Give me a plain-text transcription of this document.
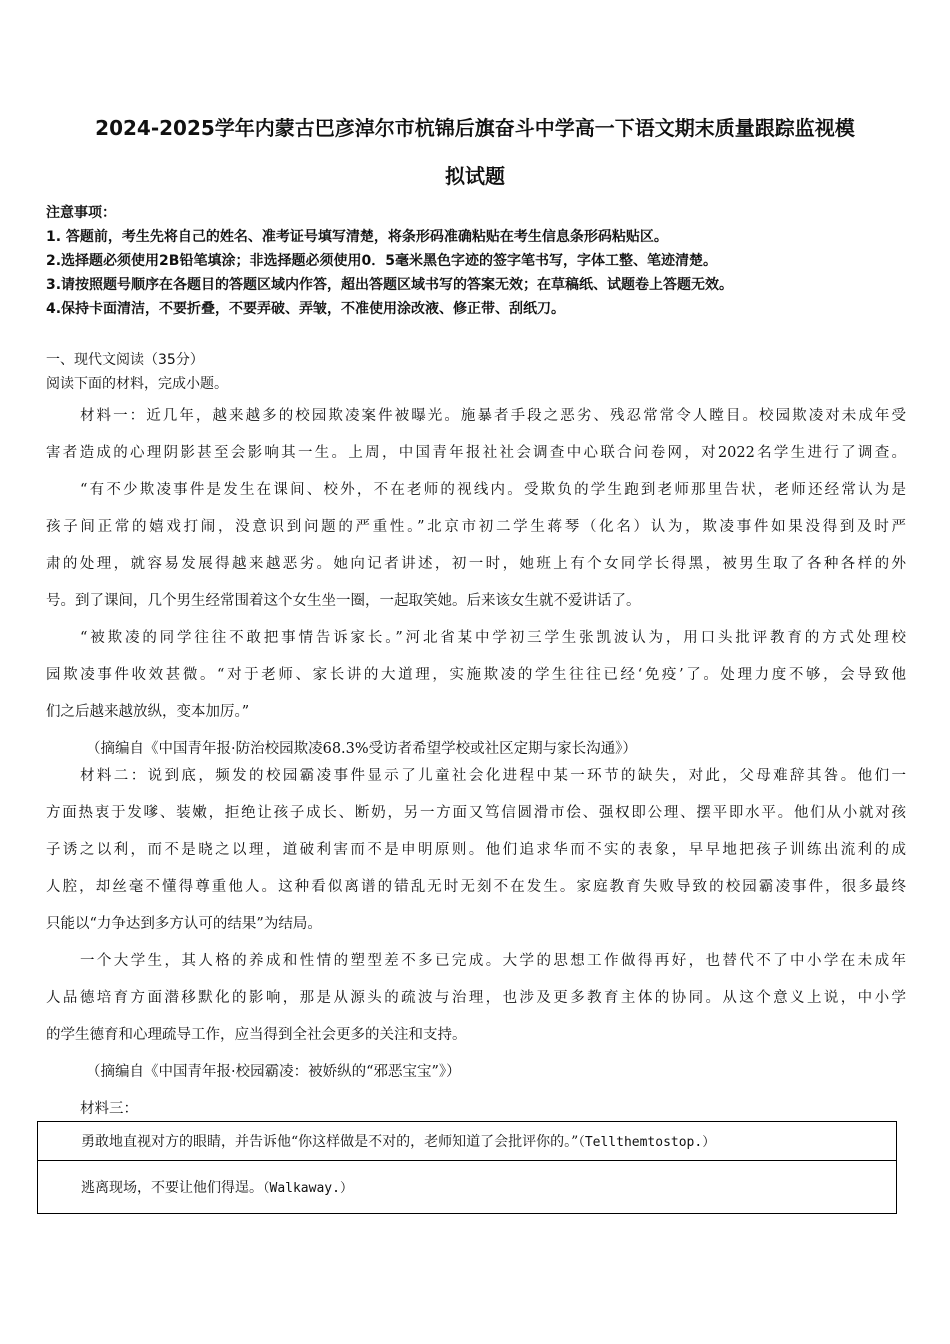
2024-2025学年内蒙古巴彦淖尔市杭锦后旗奋斗中学高一下语文期末质量跟踪监视模
拟试题
注意事项：
1. 答题前，考生先将自己的姓名、准考证号填写清楚，将条形码准确粘贴在考生信息条形码粘贴区。
2.选择题必须使用2B铅笔填涂；非选择题必须使用0．5毫米黑色字迹的签字笔书写，字体工整、笔迹清楚。
3.请按照题号顺序在各题目的答题区域内作答，超出答题区域书写的答案无效；在草稿纸、试题卷上答题无效。
4.保持卡面清洁，不要折叠，不要弄破、弄皱，不准使用涂改液、修正带、刮纸刀。
一、现代文阅读（35分）
阅读下面的材料，完成小题。
材料一：近几年，越来越多的校园欺凌案件被曝光。施暴者手段之恶劣、残忍常常令人瞠目。校园欺凌对未成年受
害者造成的心理阴影甚至会影响其一生。上周，中国青年报社社会调查中心联合问卷网，对2022名学生进行了调查。
“有不少欺凌事件是发生在课间、校外，不在老师的视线内。受欺负的学生跑到老师那里告状，老师还经常认为是
孩子间正常的嬉戏打闹，没意识到问题的严重性。”北京市初二学生蒋琴（化名）认为，欺凌事件如果没得到及时严
肃的处理，就容易发展得越来越恶劣。她向记者讲述，初一时，她班上有个女同学长得黑，被男生取了各种各样的外
号。到了课间，几个男生经常围着这个女生坐一圈，一起取笑她。后来该女生就不爱讲话了。
“被欺凌的同学往往不敢把事情告诉家长。”河北省某中学初三学生张凯波认为，用口头批评教育的方式处理校
园欺凌事件收效甚微。“对于老师、家长讲的大道理，实施欺凌的学生往往已经‘免疫’了。处理力度不够，会导致他
们之后越来越放纵，变本加厉。”
（摘编自《中国青年报·防治校园欺凌68.3%受访者希望学校或社区定期与家长沟通》）
材料二：说到底，频发的校园霸凌事件显示了儿童社会化进程中某一环节的缺失，对此，父母难辞其咎。他们一
方面热衷于发嗲、装嫩，拒绝让孩子成长、断奶，另一方面又笃信圆滑市侩、强权即公理、摆平即水平。他们从小就对孩
子诱之以利，而不是晓之以理，道破利害而不是申明原则。他们追求华而不实的表象，早早地把孩子训练出流利的成
人腔，却丝毫不懂得尊重他人。这种看似离谱的错乱无时无刻不在发生。家庭教育失败导致的校园霸凌事件，很多最终
只能以“力争达到多方认可的结果”为结局。
一个大学生，其人格的养成和性情的塑型差不多已完成。大学的思想工作做得再好，也替代不了中小学在未成年
人品德培育方面潜移默化的影响，那是从源头的疏波与治理，也涉及更多教育主体的协同。从这个意义上说，中小学
的学生德育和心理疏导工作，应当得到全社会更多的关注和支持。
（摘编自《中国青年报·校园霸凌：被娇纵的“邪恶宝宝”》）
材料三：
勇敢地直视对方的眼睛，并告诉他“你这样做是不对的，老师知道了会批评你的。”（Tellthemtostop.）
逃离现场，不要让他们得逞。（Walkaway.）
